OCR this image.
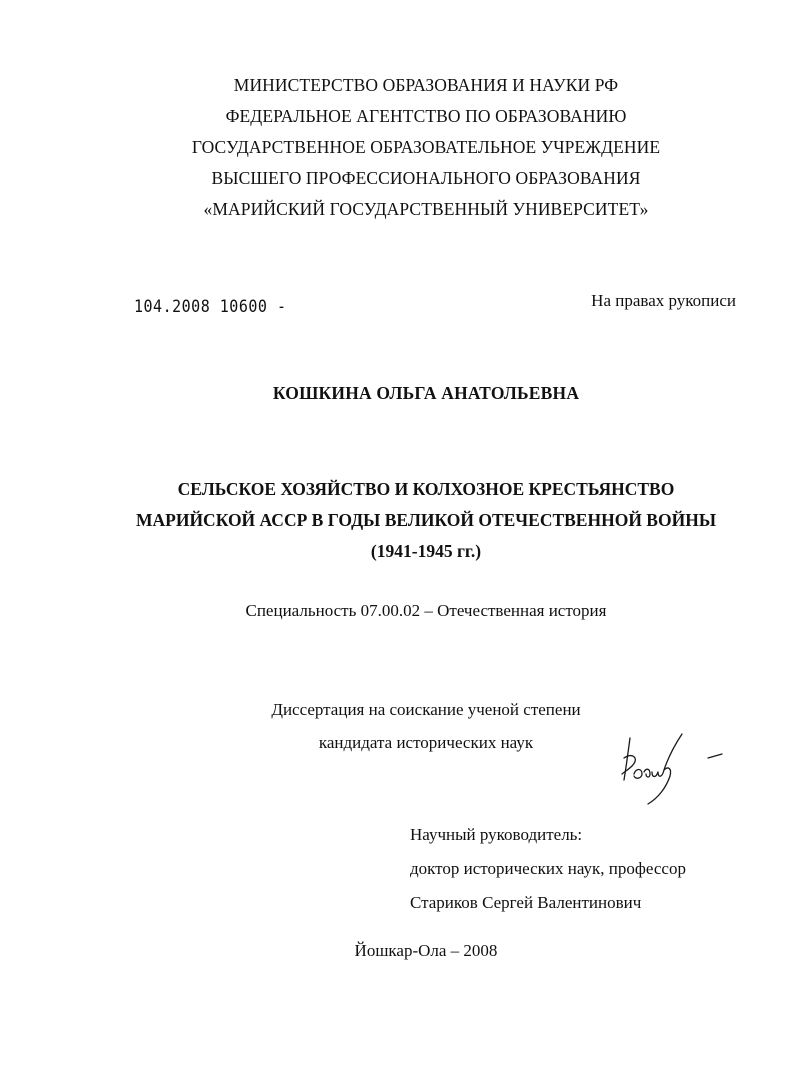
МИНИСТЕРСТВО ОБРАЗОВАНИЯ И НАУКИ РФ
ФЕДЕРАЛЬНОЕ АГЕНТСТВО ПО ОБРАЗОВАНИЮ
ГОСУДАРСТВЕННОЕ ОБРАЗОВАТЕЛЬНОЕ УЧРЕЖДЕНИЕ
ВЫСШЕГО ПРОФЕССИОНАЛЬНОГО ОБРАЗОВАНИЯ
«МАРИЙСКИЙ ГОСУДАРСТВЕННЫЙ УНИВЕРСИТЕТ»
104.2008 10600 -	На правах рукописи
КОШКИНА ОЛЬГА АНАТОЛЬЕВНА
СЕЛЬСКОЕ ХОЗЯЙСТВО И КОЛХОЗНОЕ КРЕСТЬЯНСТВО
МАРИЙСКОЙ АССР В ГОДЫ ВЕЛИКОЙ ОТЕЧЕСТВЕННОЙ ВОЙНЫ
(1941-1945 гг.)
Специальность 07.00.02 – Отечественная история
Диссертация на соискание ученой степени
кандидата исторических наук
Научный руководитель:
доктор исторических наук, профессор
Стариков Сергей Валентинович
Йошкар-Ола – 2008
